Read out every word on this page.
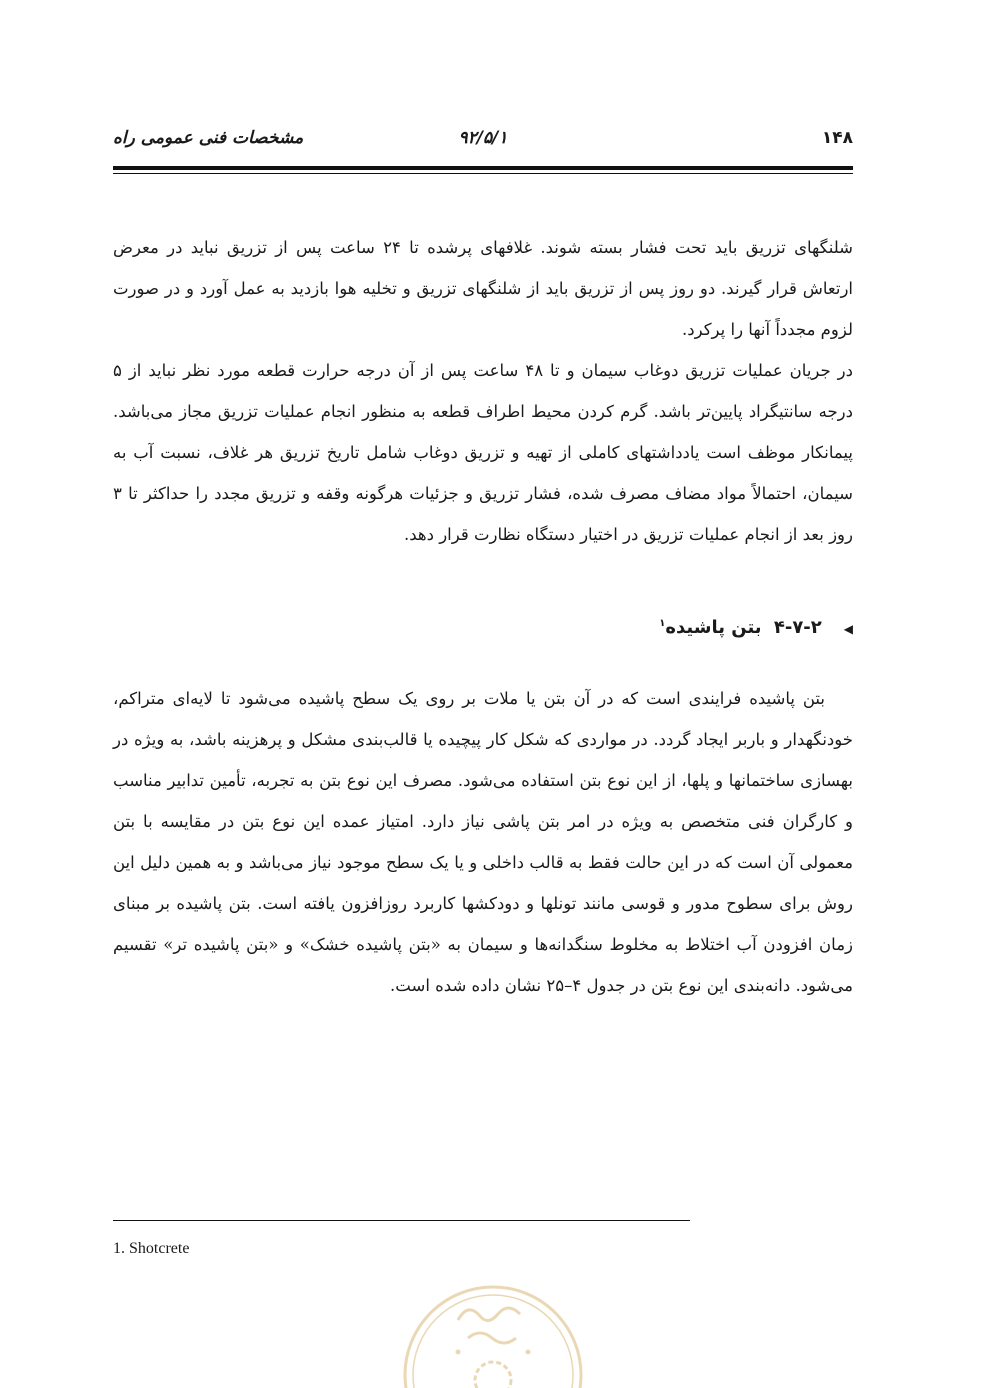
مشخصات فنی عمومی راه	۹۲/۵/۱	۱۴۸

شلنگهای تزریق باید تحت فشار بسته شوند. غلافهای پرشده تا ۲۴ ساعت پس از تزریق نباید در معرض ارتعاش قرار گیرند. دو روز پس از تزریق باید از شلنگهای تزریق و تخلیه هوا بازدید به عمل آورد و در صورت لزوم مجدداً آنها را پرکرد.

در جریان عملیات تزریق دوغاب سیمان و تا ۴۸ ساعت پس از آن درجه حرارت قطعه مورد نظر نباید از ۵ درجه سانتیگراد پایین‌تر باشد. گرم کردن محیط اطراف قطعه به منظور انجام عملیات تزریق مجاز می‌باشد. پیمانکار موظف است یادداشتهای کاملی از تهیه و تزریق دوغاب شامل تاریخ تزریق هر غلاف، نسبت آب به سیمان، احتمالاً مواد مضاف مصرف شده، فشار تزریق و جزئیات هرگونه وقفه و تزریق مجدد را حداکثر تا ۳ روز بعد از انجام عملیات تزریق در اختیار دستگاه نظارت قرار دهد.

◀۴-۷-۲ بتن پاشیده$^۱$

بتن پاشیده فرایندی است که در آن بتن یا ملات بر روی یک سطح پاشیده می‌شود تا لایه‌ای متراکم، خودنگهدار و باربر ایجاد گردد. در مواردی که شکل کار پیچیده یا قالب‌بندی مشکل و پرهزینه باشد، به ویژه در بهسازی ساختمانها و پلها، از این نوع بتن استفاده می‌شود. مصرف این نوع بتن به تجربه، تأمین تدابیر مناسب و کارگران فنی متخصص به ویژه در امر بتن پاشی نیاز دارد. امتیاز عمده این نوع بتن در مقایسه با بتن معمولی آن است که در این حالت فقط به قالب داخلی و یا یک سطح موجود نیاز می‌باشد و به همین دلیل این روش برای سطوح مدور و قوسی مانند تونلها و دودکشها کاربرد روزافزون یافته است. بتن پاشیده بر مبنای زمان افزودن آب اختلاط به مخلوط سنگدانه‌ها و سیمان به «بتن پاشیده خشک» و «بتن پاشیده تر» تقسیم می‌شود. دانه‌بندی این نوع بتن در جدول ۴–۲۵ نشان داده شده است.

1. Shotcrete
